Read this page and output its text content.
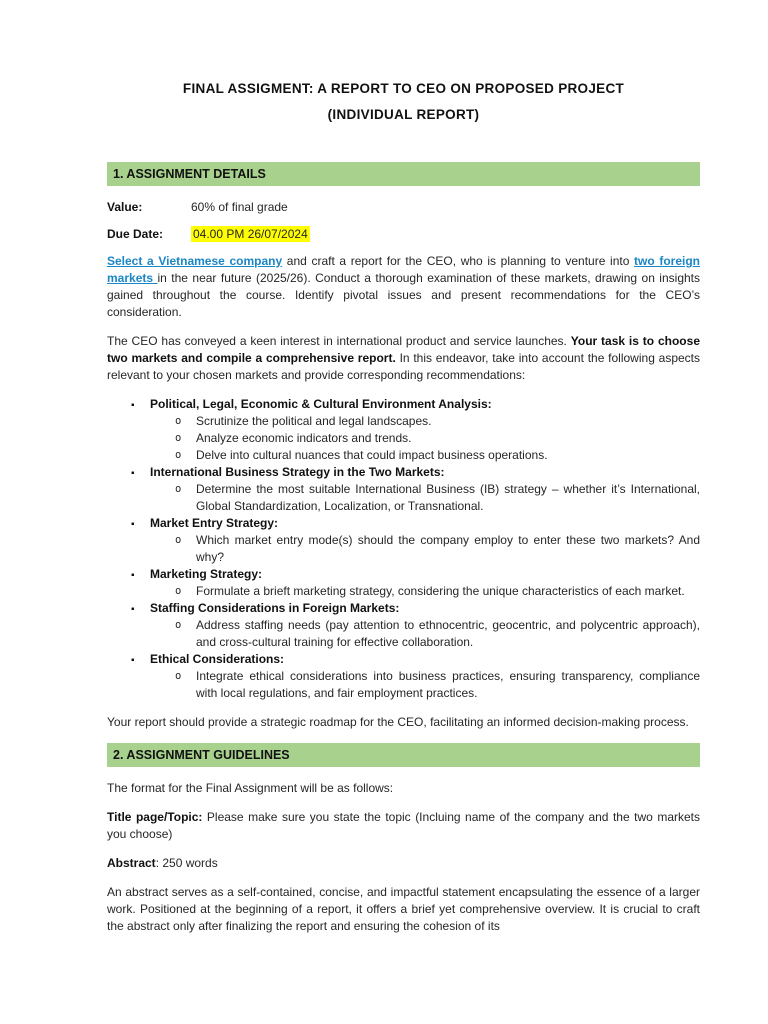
FINAL ASSIGMENT: A REPORT TO CEO ON PROPOSED PROJECT
(INDIVIDUAL REPORT)
1. ASSIGNMENT DETAILS
Value:	60% of final grade
Due Date: 04.00 PM 26/07/2024

Select a Vietnamese company and craft a report for the CEO, who is planning to venture into two foreign markets in the near future (2025/26). Conduct a thorough examination of these markets, drawing on insights gained throughout the course. Identify pivotal issues and present recommendations for the CEO’s consideration.

The CEO has conveyed a keen interest in international product and service launches. Your task is to choose two markets and compile a comprehensive report. In this endeavor, take into account the following aspects relevant to your chosen markets and provide corresponding recommendations:

▪ Political, Legal, Economic & Cultural Environment Analysis:
o Scrutinize the political and legal landscapes.
o Analyze economic indicators and trends.
o Delve into cultural nuances that could impact business operations.
▪ International Business Strategy in the Two Markets:
o Determine the most suitable International Business (IB) strategy – whether it’s International, Global Standardization, Localization, or Transnational.
▪ Market Entry Strategy:
o Which market entry mode(s) should the company employ to enter these two markets? And why?
▪ Marketing Strategy:
o Formulate a brieft marketing strategy, considering the unique characteristics of each market.
▪ Staffing Considerations in Foreign Markets:
o Address staffing needs (pay attention to ethnocentric, geocentric, and polycentric approach), and cross-cultural training for effective collaboration.
▪ Ethical Considerations:
o Integrate ethical considerations into business practices, ensuring transparency, compliance with local regulations, and fair employment practices.

Your report should provide a strategic roadmap for the CEO, facilitating an informed decision-making process.

2. ASSIGNMENT GUIDELINES

The format for the Final Assignment will be as follows:

Title page/Topic: Please make sure you state the topic (Incluing name of the company and the two markets you choose)

Abstract: 250 words

An abstract serves as a self-contained, concise, and impactful statement encapsulating the essence of a larger work. Positioned at the beginning of a report, it offers a brief yet comprehensive overview. It is crucial to craft the abstract only after finalizing the report and ensuring the cohesion of its
